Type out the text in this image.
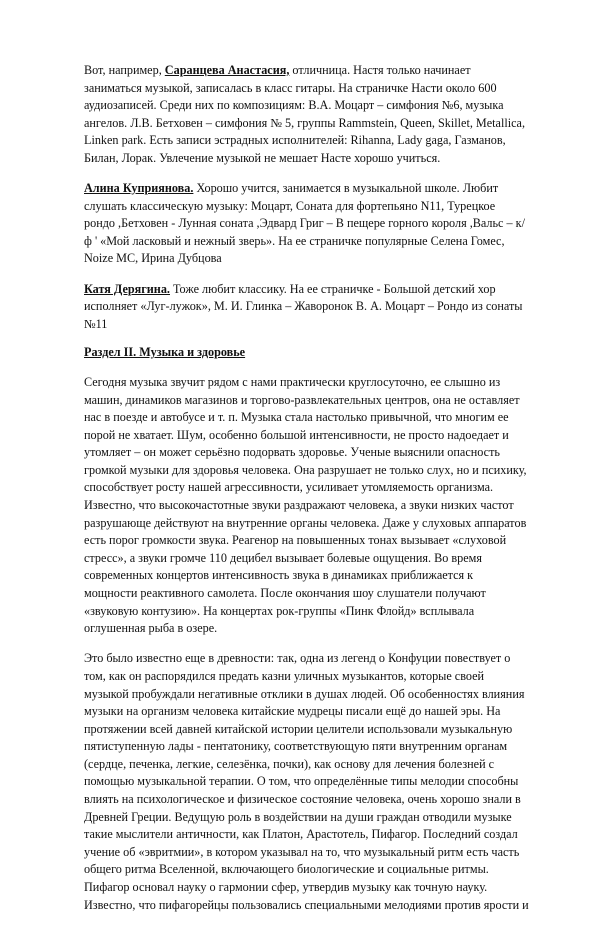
Вот, например, Саранцева Анастасия, отличница. Настя только начинает заниматься музыкой, записалась в класс гитары. На страничке Насти около 600 аудиозаписей. Среди них по композициям: В.А. Моцарт – симфония №6, музыка ангелов. Л.В. Бетховен – симфония № 5, группы Rammstein, Queen, Skillet, Metallica, Linken park. Есть записи эстрадных исполнителей: Rihanna, Lady gaga, Газманов, Билан, Лорак. Увлечение музыкой не мешает Насте хорошо учиться.

Алина Куприянова. Хорошо учится, занимается в музыкальной школе. Любит слушать классическую музыку: Моцарт, Соната для фортепьяно N11, Турецкое рондо ,Бетховен - Лунная соната ,Эдвард Григ – В пещере горного короля ,Вальс – к/ф ' «Мой ласковый и нежный зверь». На ее страничке популярные Селена Гомес, Noize MC, Ирина Дубцова

Катя Дерягина. Тоже любит классику. На ее страничке - Большой детский хор исполняет «Луг-лужок», М. И. Глинка – Жаворонок В. А. Моцарт – Рондо из сонаты №11

Раздел II. Музыка и здоровье

Сегодня музыка звучит рядом с нами практически круглосуточно, ее слышно из машин, динамиков магазинов и торгово-развлекательных центров, она не оставляет нас в поезде и автобусе и т. п. Музыка стала настолько привычной, что многим ее порой не хватает. Шум, особенно большой интенсивности, не просто надоедает и утомляет – он может серьёзно подорвать здоровье. Ученые выяснили опасность громкой музыки для здоровья человека. Она разрушает не только слух, но и психику, способствует росту нашей агрессивности, усиливает утомляемость организма. Известно, что высокочастотные звуки раздражают человека, а звуки низких частот разрушающе действуют на внутренние органы человека. Даже у слуховых аппаратов есть порог громкости звука. Реагенор на повышенных тонах вызывает «слуховой стресс», а звуки громче 110 децибел вызывает болевые ощущения. Во время современных концертов интенсивность звука в динамиках приближается к мощности реактивного самолета. После окончания шоу слушатели получают «звуковую контузию». На концертах рок-группы «Пинк Флойд» всплывала оглушенная рыба в озере.

Это было известно еще в древности: так, одна из легенд о Конфуции повествует о том, как он распорядился предать казни уличных музыкантов, которые своей музыкой пробуждали негативные отклики в душах людей. Об особенностях влияния музыки на организм человека китайские мудрецы писали ещё до нашей эры. На протяжении всей давней китайской истории целители использовали музыкальную пятиступенную лады - пентатонику, соответствующую пяти внутренним органам (сердце, печенка, легкие, селезёнка, почки), как основу для лечения болезней с помощью музыкальной терапии. О том, что определённые типы мелодии способны влиять на психологическое и физическое состояние человека, очень хорошо знали в Древней Греции. Ведущую роль в воздействии на души граждан отводили музыке такие мыслители античности, как Платон, Арастотель, Пифагор. Последний создал учение об «эвритмии», в котором указывал на то, что музыкальный ритм есть часть общего ритма Вселенной, включающего биологические и социальные ритмы. Пифагор основал науку о гармонии сфер, утвердив музыку как точную науку. Известно, что пифагорейцы пользовались специальными мелодиями против ярости и
